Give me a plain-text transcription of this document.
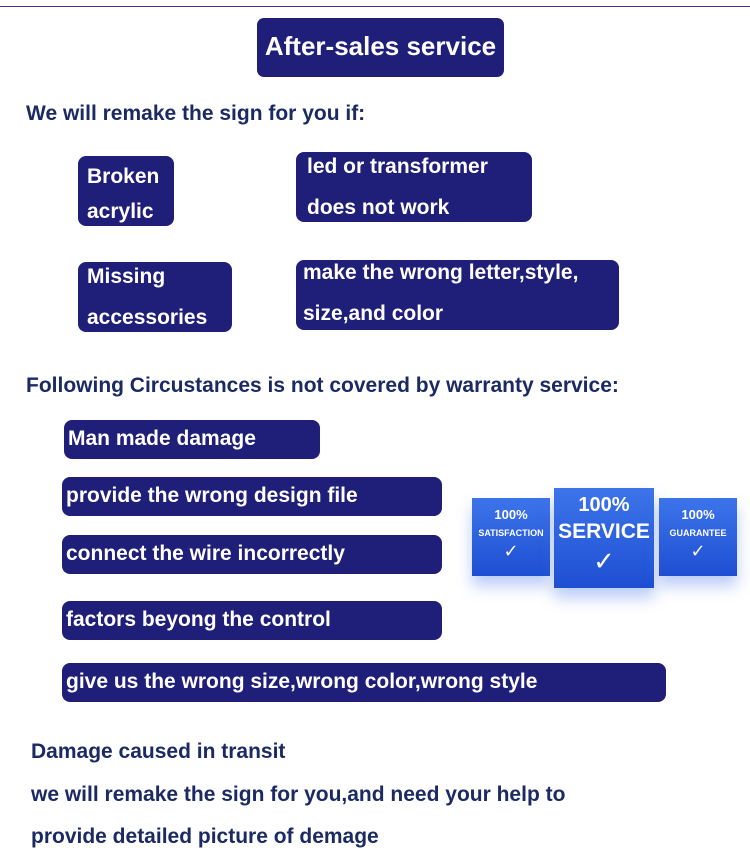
After-sales service
We will remake the sign for you if:
Broken
acrylic
led or transformer
does not work
Missing
accessories
make the wrong letter,style,
size,and color
Following Circustances is not covered by warranty service:
Man made damage
provide the wrong design file
connect the wire incorrectly
factors beyong the control
give us the wrong size,wrong color,wrong style
100%
SATISFACTION
✓
100%
SERVICE
✓
100%
GUARANTEE
✓
Damage caused in transit
we will remake the sign for you,and need your help to
provide detailed picture of demage
